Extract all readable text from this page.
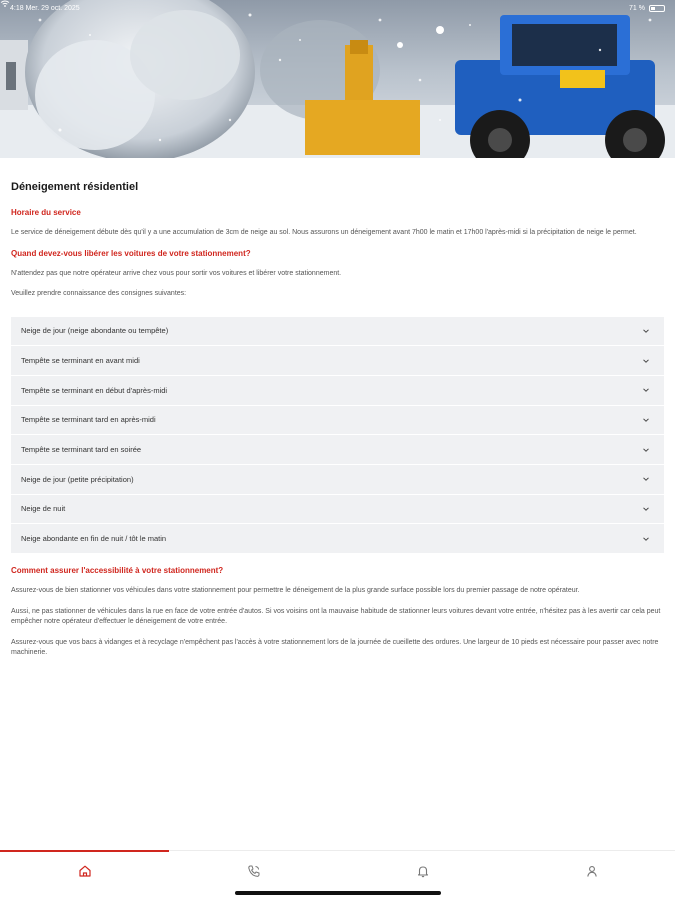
4:18 Mer. 29 oct. 2025	71 %
Déneigement résidentiel
Horaire du service

Le service de déneigement débute dès qu'il y a une accumulation de 3cm de neige au sol. Nous assurons un déneigement avant 7h00 le matin et 17h00 l'après-midi si la précipitation de neige le permet.

Quand devez-vous libérer les voitures de votre stationnement?

N'attendez pas que notre opérateur arrive chez vous pour sortir vos voitures et libérer votre stationnement.

Veuillez prendre connaissance des consignes suivantes:

Neige de jour (neige abondante ou tempête)
Tempête se terminant en avant midi
Tempête se terminant en début d'après-midi
Tempête se terminant tard en après-midi
Tempête se terminant tard en soirée
Neige de jour (petite précipitation)
Neige de nuit
Neige abondante en fin de nuit / tôt le matin
Comment assurer l'accessibilité à votre stationnement?

Assurez-vous de bien stationner vos véhicules dans votre stationnement pour permettre le déneigement de la plus grande surface possible lors du premier passage de notre opérateur.

Aussi, ne pas stationner de véhicules dans la rue en face de votre entrée d'autos. Si vos voisins ont la mauvaise habitude de stationner leurs voitures devant votre entrée, n'hésitez pas à les avertir car cela peut empêcher notre opérateur d'effectuer le déneigement de votre entrée.

Assurez-vous que vos bacs à vidanges et à recyclage n'empêchent pas l'accès à votre stationnement lors de la journée de cueillette des ordures. Une largeur de 10 pieds est nécessaire pour passer avec notre machinerie.
